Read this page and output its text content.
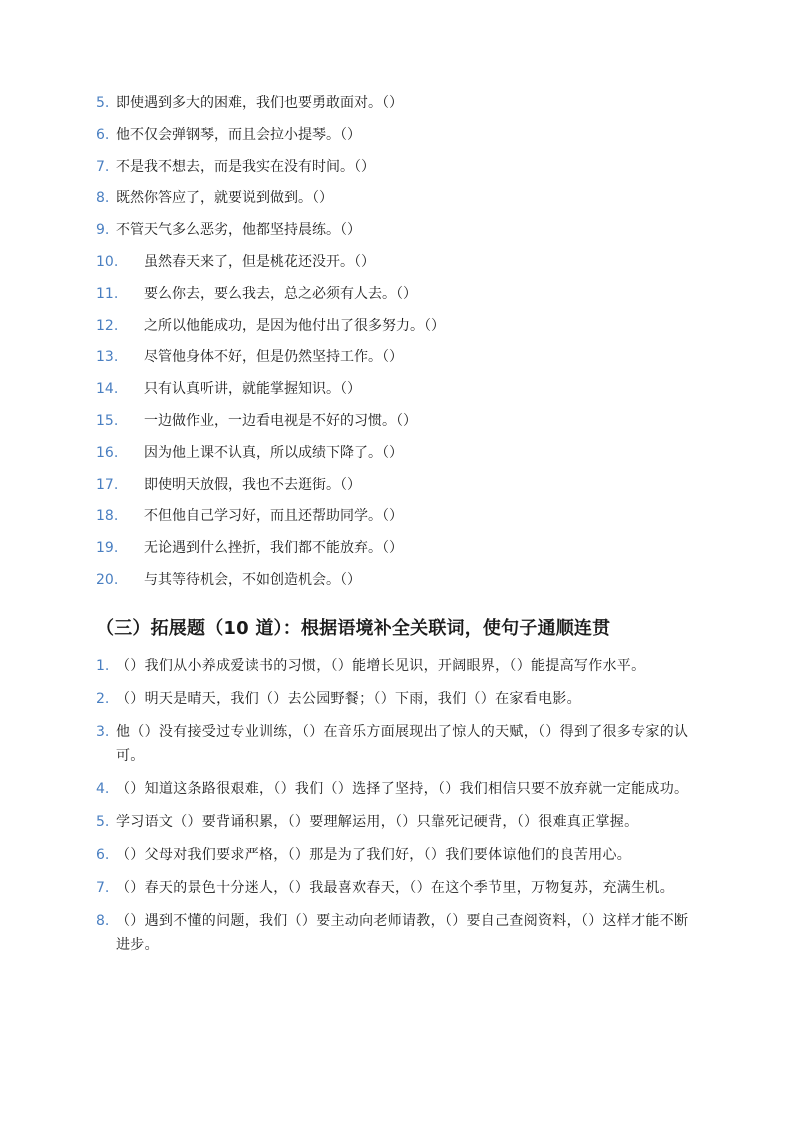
5. 即使遇到多大的困难，我们也要勇敢面对。（）
6. 他不仅会弹钢琴，而且会拉小提琴。（）
7. 不是我不想去，而是我实在没有时间。（）
8. 既然你答应了，就要说到做到。（）
9. 不管天气多么恶劣，他都坚持晨练。（）
10. 虽然春天来了，但是桃花还没开。（）
11. 要么你去，要么我去，总之必须有人去。（）
12. 之所以他能成功，是因为他付出了很多努力。（）
13. 尽管他身体不好，但是仍然坚持工作。（）
14. 只有认真听讲，就能掌握知识。（）
15. 一边做作业，一边看电视是不好的习惯。（）
16. 因为他上课不认真，所以成绩下降了。（）
17. 即使明天放假，我也不去逛街。（）
18. 不但他自己学习好，而且还帮助同学。（）
19. 无论遇到什么挫折，我们都不能放弃。（）
20. 与其等待机会，不如创造机会。（）
（三）拓展题（10 道）：根据语境补全关联词，使句子通顺连贯
1. （）我们从小养成爱读书的习惯，（）能增长见识，开阔眼界，（）能提高写作水平。
2. （）明天是晴天，我们（）去公园野餐；（）下雨，我们（）在家看电影。
3. 他（）没有接受过专业训练，（）在音乐方面展现出了惊人的天赋，（）得到了很多专家的认可。
4. （）知道这条路很艰难，（）我们（）选择了坚持，（）我们相信只要不放弃就一定能成功。
5. 学习语文（）要背诵积累，（）要理解运用，（）只靠死记硬背，（）很难真正掌握。
6. （）父母对我们要求严格，（）那是为了我们好，（）我们要体谅他们的良苦用心。
7. （）春天的景色十分迷人，（）我最喜欢春天，（）在这个季节里，万物复苏，充满生机。
8. （）遇到不懂的问题，我们（）要主动向老师请教，（）要自己查阅资料，（）这样才能不断进步。
